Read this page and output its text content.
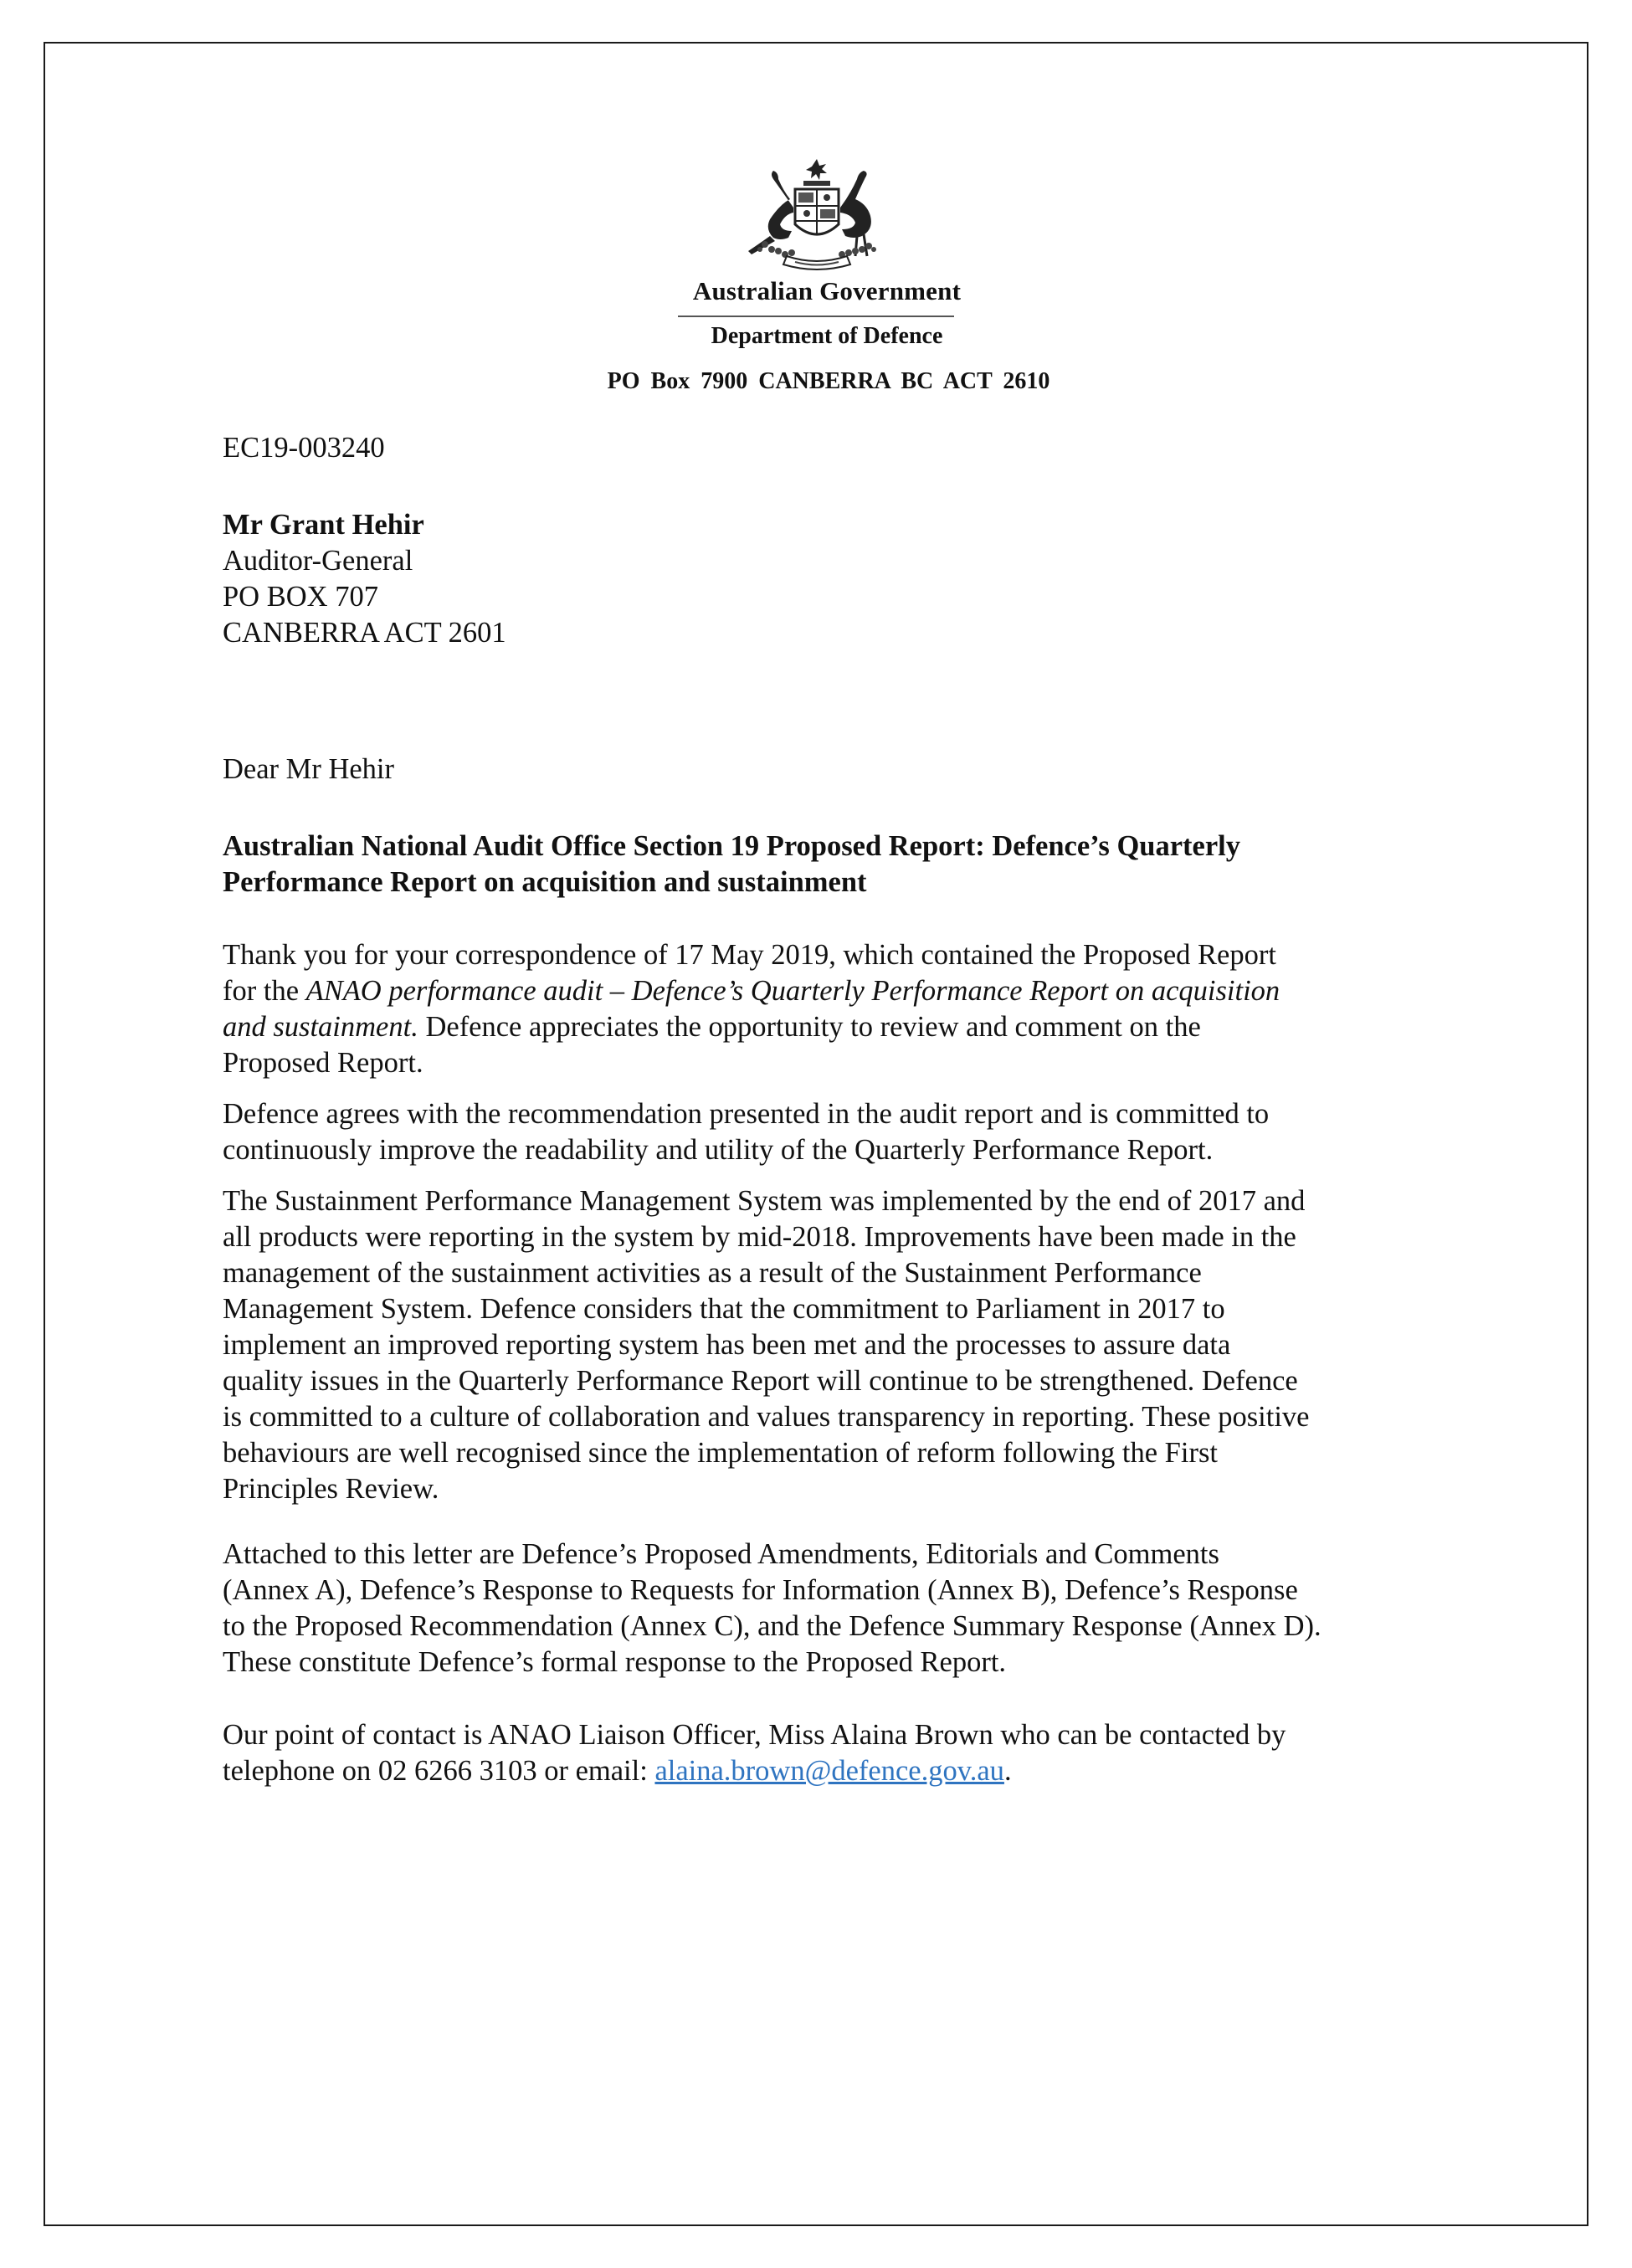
Australian Government
Department of Defence
PO Box 7900 CANBERRA BC ACT 2610
EC19-003240
Mr Grant Hehir
Auditor-General
PO BOX 707
CANBERRA ACT 2601
Dear Mr Hehir
Australian National Audit Office Section 19 Proposed Report: Defence’s Quarterly
Performance Report on acquisition and sustainment
Thank you for your correspondence of 17 May 2019, which contained the Proposed Report
for the ANAO performance audit – Defence’s Quarterly Performance Report on acquisition
and sustainment. Defence appreciates the opportunity to review and comment on the
Proposed Report.
Defence agrees with the recommendation presented in the audit report and is committed to
continuously improve the readability and utility of the Quarterly Performance Report.
The Sustainment Performance Management System was implemented by the end of 2017 and
all products were reporting in the system by mid-2018. Improvements have been made in the
management of the sustainment activities as a result of the Sustainment Performance
Management System. Defence considers that the commitment to Parliament in 2017 to
implement an improved reporting system has been met and the processes to assure data
quality issues in the Quarterly Performance Report will continue to be strengthened. Defence
is committed to a culture of collaboration and values transparency in reporting. These positive
behaviours are well recognised since the implementation of reform following the First
Principles Review.
Attached to this letter are Defence’s Proposed Amendments, Editorials and Comments
(Annex A), Defence’s Response to Requests for Information (Annex B), Defence’s Response
to the Proposed Recommendation (Annex C), and the Defence Summary Response (Annex D).
These constitute Defence’s formal response to the Proposed Report.
Our point of contact is ANAO Liaison Officer, Miss Alaina Brown who can be contacted by
telephone on 02 6266 3103 or email: alaina.brown@defence.gov.au.
